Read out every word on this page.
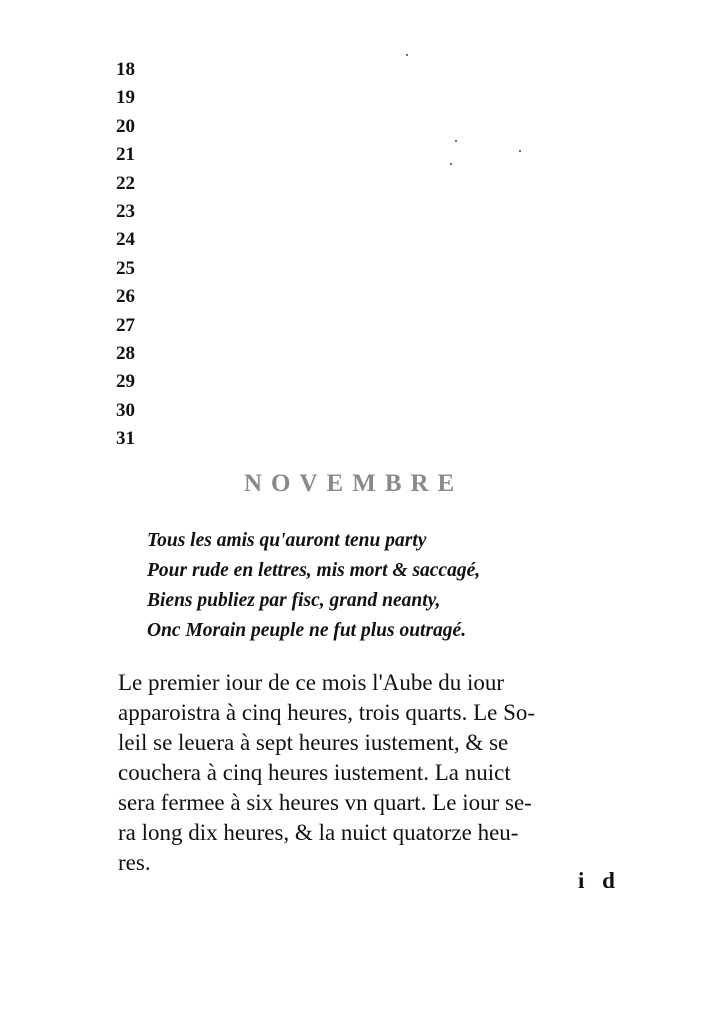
18
19
20
21
22
23
24
25
26
27
28
29
30
31
NOVEMBRE
Tous les amis qu'auront tenu party
Pour rude en lettres, mis mort & saccagé,
Biens publiez par fisc, grand neanty,
Onc Morain peuple ne fut plus outragé.
Le premier iour de ce mois l'Aube du iour
apparoistra à cinq heures, trois quarts. Le So-
leil se leuera à sept heures iustement, & se
couchera à cinq heures iustement. La nuict
sera fermee à six heures vn quart. Le iour se-
ra long dix heures, & la nuict quatorze heu-
res.
i d
